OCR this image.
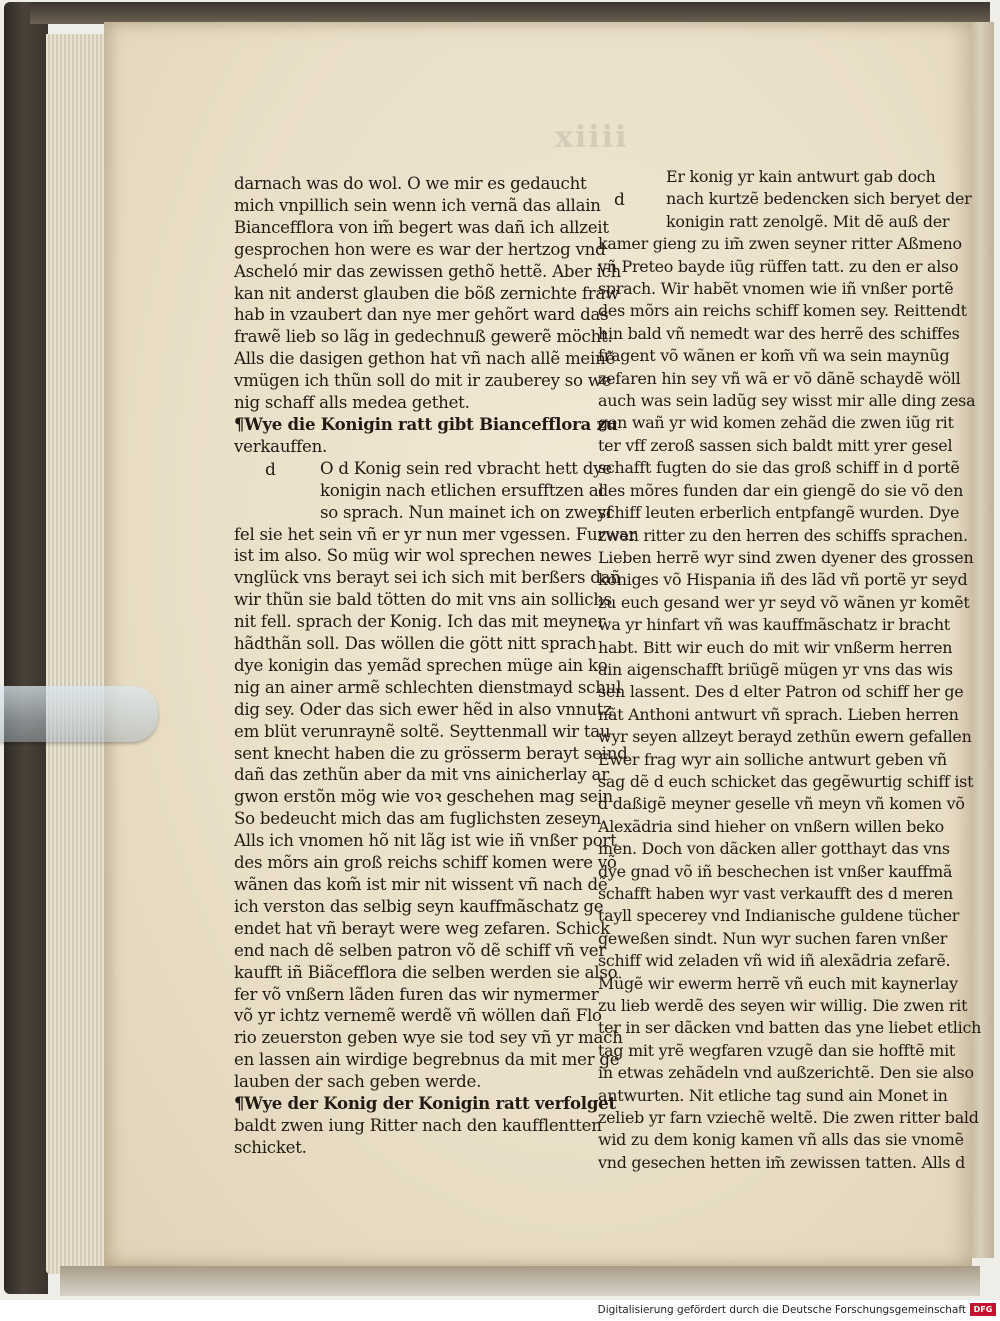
xiiii
darnach was do wol. O we mir es gedaucht
mich vnpillich sein wenn ich vernã das allain
Biancefflora von im̃ begert was dañ ich allzeit
gesprochen hon were es war der hertzog vnd
Ascheló mir das zewissen gethõ hettẽ. Aber ich
kan nit anderst glauben die bõß zernichte fraw
hab in vzaubert dan nye mer gehõrt ward das
frawẽ lieb so lãg in gedechnuß gewerẽ möcht.
Alls die dasigen gethon hat vñ nach allẽ meinẽ
vmügen ich thũn soll do mit ir zauberey so we
nig schaff alls medea gethet.
¶Wye die Konigin ratt gibt Biancefflora zu
verkauffen.
O d Konig sein red vbracht hett dye
konigin nach etlichen ersufftzen al
so sprach. Nun mainet ich on zweyf
fel sie het sein vñ er yr nun mer vgessen. Furwar
ist im also. So müg wir wol sprechen newes
vnglück vns berayt sei ich sich mit berßers dañ
wir thũn sie bald tötten do mit vns ain sollichs
nit fell. sprach der Konig. Ich das mit meyner
hãdthãn soll. Das wöllen die gött nitt sprach
dye konigin das yemãd sprechen müge ain ko
nig an ainer armẽ schlechten dienstmayd schul
dig sey. Oder das sich ewer hẽd in also vnnutz
em blüt verunraynẽ soltẽ. Seyttenmall wir tau
sent knecht haben die zu grösserm berayt seind
dañ das zethũn aber da mit vns ainicherlay ar
gwon erstõn mög wie voꝛ geschehen mag sein
So bedeucht mich das am fuglichsten zeseyn
Alls ich vnomen hõ nit lãg ist wie iñ vnßer port
des mõrs ain groß reichs schiff komen were võ
wãnen das kom̃ ist mir nit wissent vñ nach dẽ
ich verston das selbig seyn kauffmãschatz ge
endet hat vñ berayt were weg zefaren. Schick
end nach dẽ selben patron võ dẽ schiff vñ ver
kaufft iñ Biãcefflora die selben werden sie also
fer võ vnßern lãden furen das wir nymermer
võ yr ichtz vernemẽ werdẽ vñ wöllen dañ Flo
rio zeuerston geben wye sie tod sey vñ yr mach
en lassen ain wirdige begrebnus da mit mer ge
lauben der sach geben werde.
¶Wye der Konig der Konigin ratt verfolget
baldt zwen iung Ritter nach den kaufflentten
schicket.
Er konig yr kain antwurt gab doch
nach kurtzẽ bedencken sich beryet der
konigin ratt zenolgẽ. Mit dẽ auß der
kamer gieng zu im̃ zwen seyner ritter Aßmeno
vñ Preteo bayde iũg rüffen tatt. zu den er also
sprach. Wir habẽt vnomen wie iñ vnßer portẽ
des mõrs ain reichs schiff komen sey. Reittendt
hin bald vñ nemedt war des herrẽ des schiffes
fragent võ wãnen er kom̃ vñ wa sein maynũg
zefaren hin sey vñ wã er võ dãnẽ schaydẽ wöll
auch was sein ladũg sey wisst mir alle ding zesa
gen wañ yr wid komen zehãd die zwen iũg rit
ter vff zeroß sassen sich baldt mitt yrer gesel
schafft fugten do sie das groß schiff in d portẽ
des mõres funden dar ein giengẽ do sie võ den
schiff leuten erberlich entpfangẽ wurden. Dye
zwen ritter zu den herren des schiffs sprachen.
Lieben herrẽ wyr sind zwen dyener des grossen
koniges võ Hispania iñ des lãd vñ portẽ yr seyd
zu euch gesand wer yr seyd võ wãnen yr komẽt
wa yr hinfart vñ was kauffmãschatz ir bracht
habt. Bitt wir euch do mit wir vnßerm herren
ain aigenschafft briũgẽ mügen yr vns das wis
sen lassent. Des d elter Patron od schiff her ge
nãt Anthoni antwurt vñ sprach. Lieben herren
wyr seyen allzeyt berayd zethũn ewern gefallen
Ewer frag wyr ain solliche antwurt geben vñ
sag dẽ d euch schicket das gegẽwurtig schiff ist
d daßigẽ meyner geselle vñ meyn vñ komen võ
Alexãdria sind hieher on vnßern willen beko
men. Doch von dãcken aller gotthayt das vns
dye gnad võ iñ beschechen ist vnßer kauffmã
schafft haben wyr vast verkaufft des d meren
tayll specerey vnd Indianische guldene tücher
geweßen sindt. Nun wyr suchen faren vnßer
schiff wid zeladen vñ wid iñ alexãdria zefarẽ.
Mügẽ wir ewerm herrẽ vñ euch mit kaynerlay
zu lieb werdẽ des seyen wir willig. Die zwen rit
ter in ser dãcken vnd batten das yne liebet etlich
tag mit yrẽ wegfaren vzugẽ dan sie hofftẽ mit
in etwas zehãdeln vnd außzerichtẽ. Den sie also
antwurten. Nit etliche tag sund ain Monet in
zelieb yr farn vziechẽ weltẽ. Die zwen ritter bald
wid zu dem konig kamen vñ alls das sie vnomẽ
vnd gesechen hetten im̃ zewissen tatten. Alls d
d
d
Digitalisierung gefördert durch die Deutsche Forschungsgemeinschaft DFG
